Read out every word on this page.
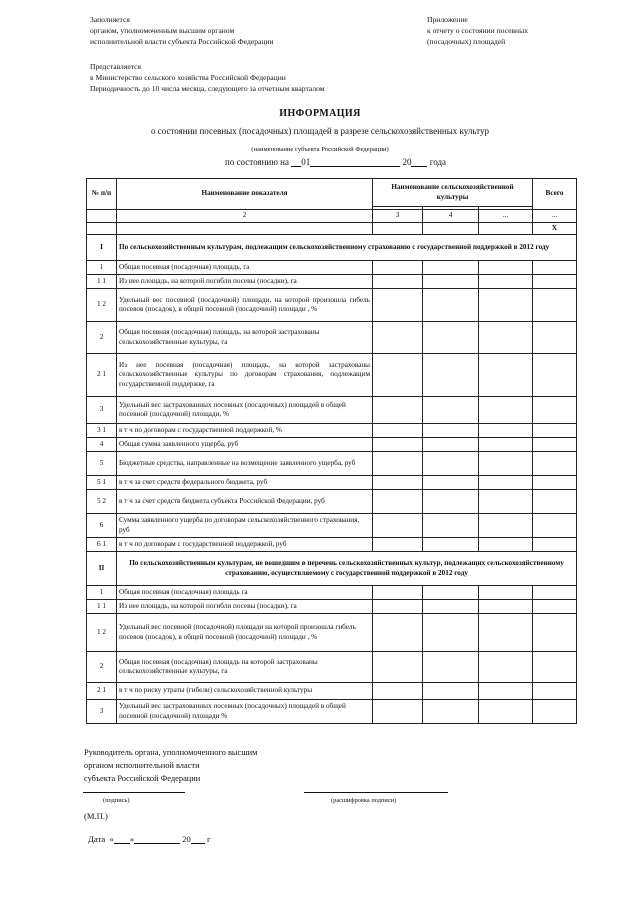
Заполняется
органом, уполномоченным высшим органом
исполнительной власти субъекта Российской Федерации
Приложение
к отчету о состоянии посевных
(посадочных) площадей
Представляется
в Министерство сельского хозяйства Российской Федерации
Периодичность до 10 числа месяца, следующего за отчетным кварталом
ИНФОРМАЦИЯ
о состоянии посевных (посадочных) площадей в разрезе сельскохозяйственных культур
(наименование субъекта Российской Федерации)
по состоянию на 01	20 года
№ п/п	Наименование показателя	Наименование сельскохозяйственной культуры			Всего

	2	3	4	...	...
					X
I	По сельскохозяйственным культурам, подлежащим сельскохозяйственному страхованию с государственной поддержкой в 2012 году				
1	Общая посевная (посадочная) площадь, га				
1 1	Из нее площадь, на которой погибли посевы (посадки), га				
1 2	Удельный вес посевной (посадочной) площади, на которой произошла гибель посевов (посадок), в общей посевной (посадочной) площади , %				
2	Общая посевная (посадочная) площадь, на которой застрахованы сельскохозяйственные культуры, га				
2 1	Из нее посевная (посадочная) площадь, на которой застрахованы сельскохозяйственные культуры по договорам страхования, подлежащим государственной поддержке, га				
3	Удельный вес застрахованных посевных (посадочных) площадей в общей посевной (посадочной) площади, %				
3 1	в т ч по договорам с государственной поддержкой, %				
4	Общая сумма заявленного ущерба, руб				
5	Бюджетные средства, направленные на возмещение заявленного ущерба, руб				
5 1	в т ч за счет средств федерального бюджета, руб				
5 2	в т ч за счет средств бюджета субъекта Российской Федерации, руб				
6	Сумма заявленного ущерба по договорам сельскохозяйственного страхования, руб				
6 1	в т ч по договорам с государственной поддержкой, руб				
II	По сельскохозяйственным культурам, не вошедшим в перечень сельскохозяйственных культур, подлежащих сельскохозяйственному страхованию, осуществляемому с государственной поддержкой в 2012 году				
1	Общая посевная (посадочная) площадь га				
1 1	Из нее площадь, на которой погибли посевы (посадки), га				
1 2	Удельный вес посевной (посадочной) площади на которой произошла гибель посевов (посадок), в общей посевной (посадочной) площади , %				
2	Общая посевная (посадочная) площадь на которой застрахованы сельскохозяйственные культуры, га				
2 1	в т ч по риску утраты (гибели) сельскохозяйственной культуры				
3	Удельный вес застрахованных посевных (посадочных) площадей в общей посевной (посадочной) площади %				
Руководитель органа, уполномоченного высшим
органом исполнительной власти
субъекта Российской Федерации
(подпись)	(расшифровка подписи)
(М.П.)
Дата « »	20 г
